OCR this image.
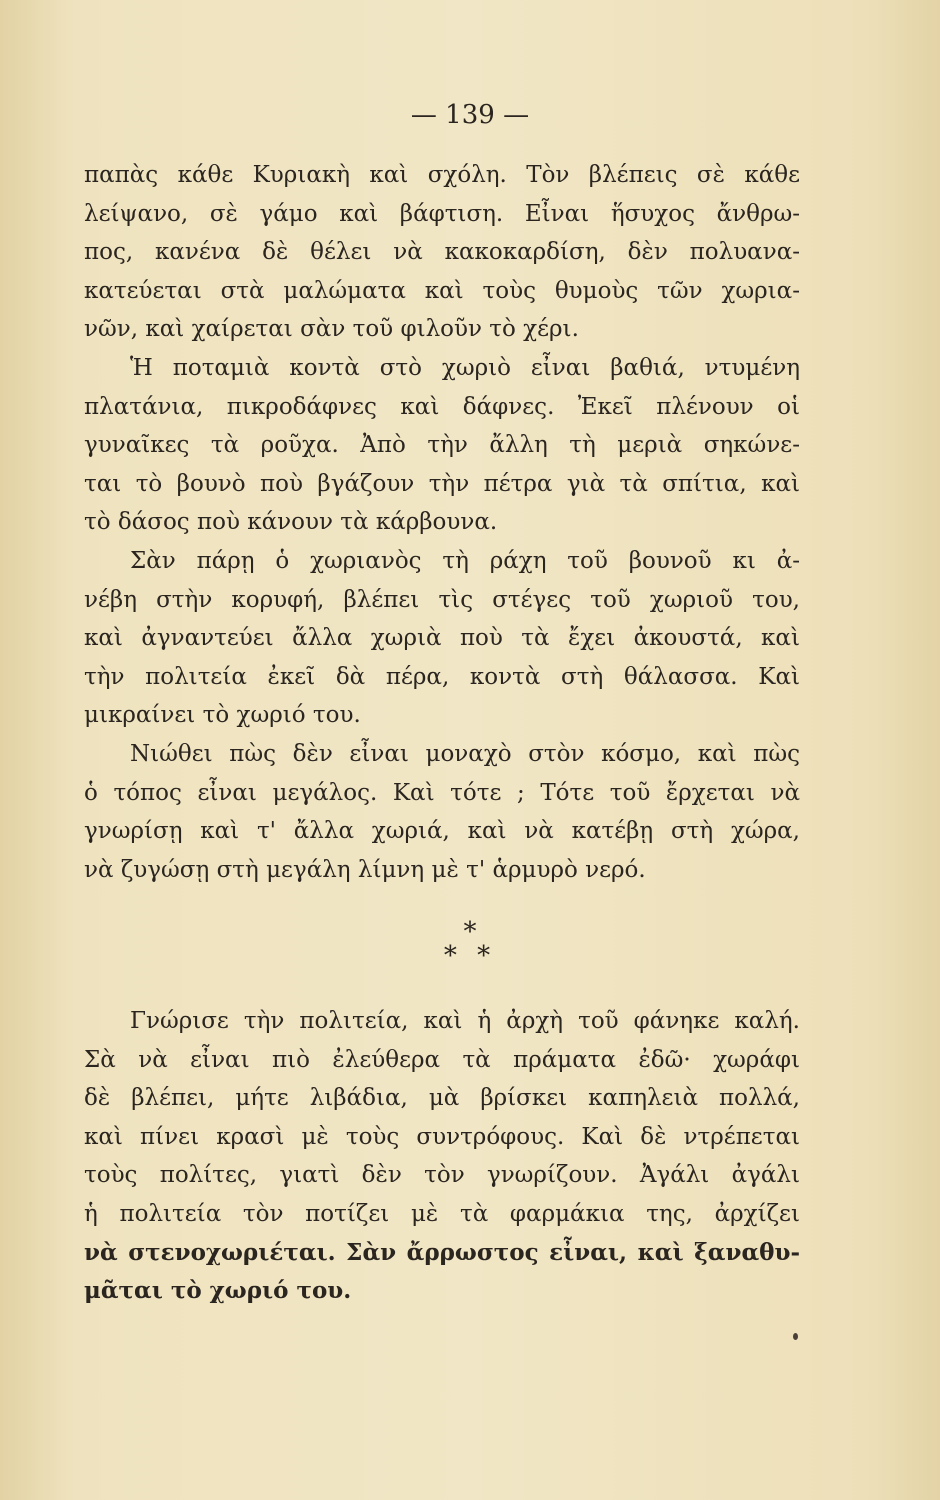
— 139 —
παπὰς κάθε Κυριακὴ καὶ σχόλη. Τὸν βλέπεις σὲ κάθε
λείψανο, σὲ γάμο καὶ βάφτιση. Εἶναι ἥσυχος ἄνθρω-
πος, κανένα δὲ θέλει νὰ κακοκαρδίση, δὲν πολυανα-
κατεύεται στὰ μαλώματα καὶ τοὺς θυμοὺς τῶν χωρια-
νῶν, καὶ χαίρεται σὰν τοῦ φιλοῦν τὸ χέρι.
Ἡ ποταμιὰ κοντὰ στὸ χωριὸ εἶναι βαθιά, ντυμένη
πλατάνια, πικροδάφνες καὶ δάφνες. Ἐκεῖ πλένουν οἱ
γυναῖκες τὰ ροῦχα. Ἀπὸ τὴν ἄλλη τὴ μεριὰ σηκώνε-
ται τὸ βουνὸ ποὺ βγάζουν τὴν πέτρα γιὰ τὰ σπίτια, καὶ
τὸ δάσος ποὺ κάνουν τὰ κάρβουνα.
Σὰν πάρῃ ὁ χωριανὸς τὴ ράχη τοῦ βουνοῦ κι ἀ-
νέβη στὴν κορυφή, βλέπει τὶς στέγες τοῦ χωριοῦ του,
καὶ ἀγναντεύει ἄλλα χωριὰ ποὺ τὰ ἔχει ἀκουστά, καὶ
τὴν πολιτεία ἐκεῖ δὰ πέρα, κοντὰ στὴ θάλασσα. Καὶ
μικραίνει τὸ χωριό του.
Νιώθει πὼς δὲν εἶναι μοναχὸ στὸν κόσμο, καὶ πὼς
ὁ τόπος εἶναι μεγάλος. Καὶ τότε ; Τότε τοῦ ἔρχεται νὰ
γνωρίσῃ καὶ τ' ἄλλα χωριά, καὶ νὰ κατέβῃ στὴ χώρα,
νὰ ζυγώσῃ στὴ μεγάλη λίμνη μὲ τ' ἁρμυρὸ νερό.
*
* *
Γνώρισε τὴν πολιτεία, καὶ ἡ ἀρχὴ τοῦ φάνηκε καλή.
Σὰ νὰ εἶναι πιὸ ἐλεύθερα τὰ πράματα ἐδῶ· χωράφι
δὲ βλέπει, μήτε λιβάδια, μὰ βρίσκει καπηλειὰ πολλά,
καὶ πίνει κρασὶ μὲ τοὺς συντρόφους. Καὶ δὲ ντρέπεται
τοὺς πολίτες, γιατὶ δὲν τὸν γνωρίζουν. Ἀγάλι ἀγάλι
ἡ πολιτεία τὸν ποτίζει μὲ τὰ φαρμάκια της, ἀρχίζει
νὰ στενοχωριέται. Σὰν ἄρρωστος εἶναι, καὶ ξαναθυ-
μᾶται τὸ χωριό του.
